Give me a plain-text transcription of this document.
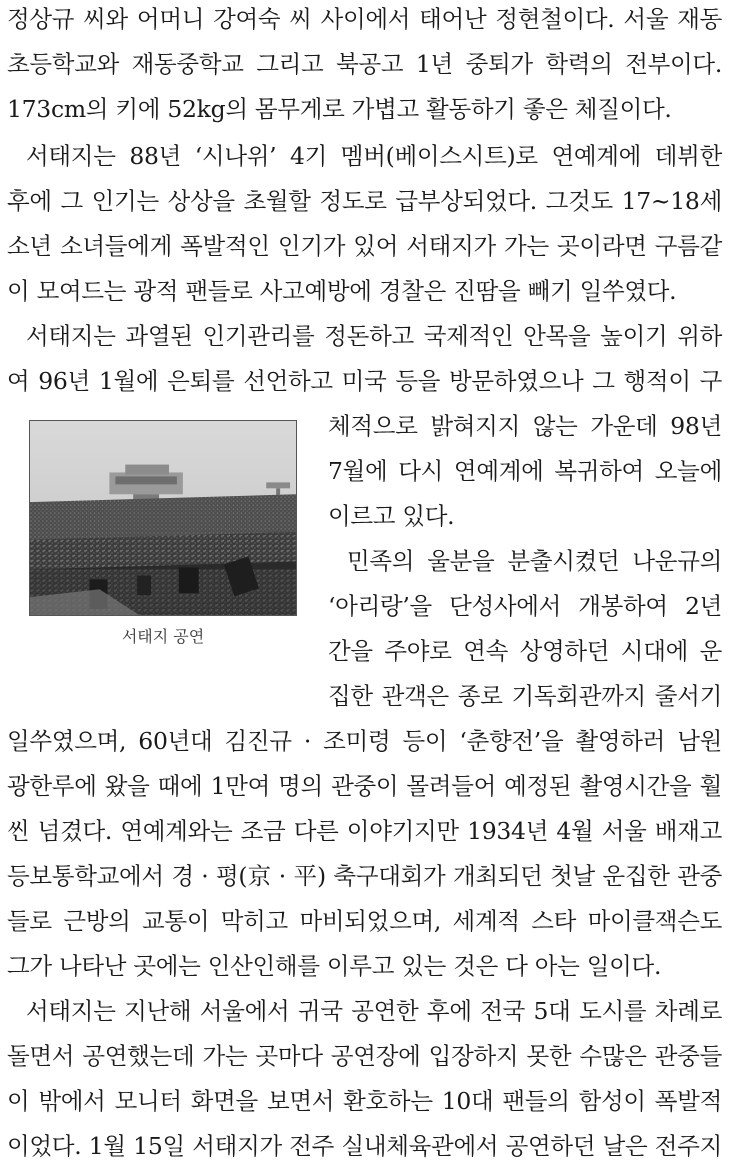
정상규 씨와 어머니 강여숙 씨 사이에서 태어난 정현철이다. 서울 재동
초등학교와 재동중학교 그리고 북공고 1년 중퇴가 학력의 전부이다.
173cm의 키에 52kg의 몸무게로 가볍고 활동하기 좋은 체질이다.
서태지는 88년 ‘시나위’ 4기 멤버(베이스시트)로 연예계에 데뷔한
후에 그 인기는 상상을 초월할 정도로 급부상되었다. 그것도 17~18세
소년 소녀들에게 폭발적인 인기가 있어 서태지가 가는 곳이라면 구름같
이 모여드는 광적 팬들로 사고예방에 경찰은 진땀을 빼기 일쑤였다.
서태지는 과열된 인기관리를 정돈하고 국제적인 안목을 높이기 위하
여 96년 1월에 은퇴를 선언하고 미국 등을 방문하였으나 그 행적이 구
체적으로 밝혀지지 않는 가운데 98년
7월에 다시 연예계에 복귀하여 오늘에
이르고 있다.
민족의 울분을 분출시켰던 나운규의
‘아리랑’을 단성사에서 개봉하여 2년
간을 주야로 연속 상영하던 시대에 운
집한 관객은 종로 기독회관까지 줄서기
일쑤였으며, 60년대 김진규 · 조미령 등이 ‘춘향전’을 촬영하러 남원
광한루에 왔을 때에 1만여 명의 관중이 몰려들어 예정된 촬영시간을 훨
씬 넘겼다. 연예계와는 조금 다른 이야기지만 1934년 4월 서울 배재고
등보통학교에서 경 · 평(京 · 平) 축구대회가 개최되던 첫날 운집한 관중
들로 근방의 교통이 막히고 마비되었으며, 세계적 스타 마이클잭슨도
그가 나타난 곳에는 인산인해를 이루고 있는 것은 다 아는 일이다.
서태지는 지난해 서울에서 귀국 공연한 후에 전국 5대 도시를 차례로
돌면서 공연했는데 가는 곳마다 공연장에 입장하지 못한 수많은 관중들
이 밖에서 모니터 화면을 보면서 환호하는 10대 팬들의 함성이 폭발적
이었다. 1월 15일 서태지가 전주 실내체육관에서 공연하던 날은 전주지
서태지 공연
